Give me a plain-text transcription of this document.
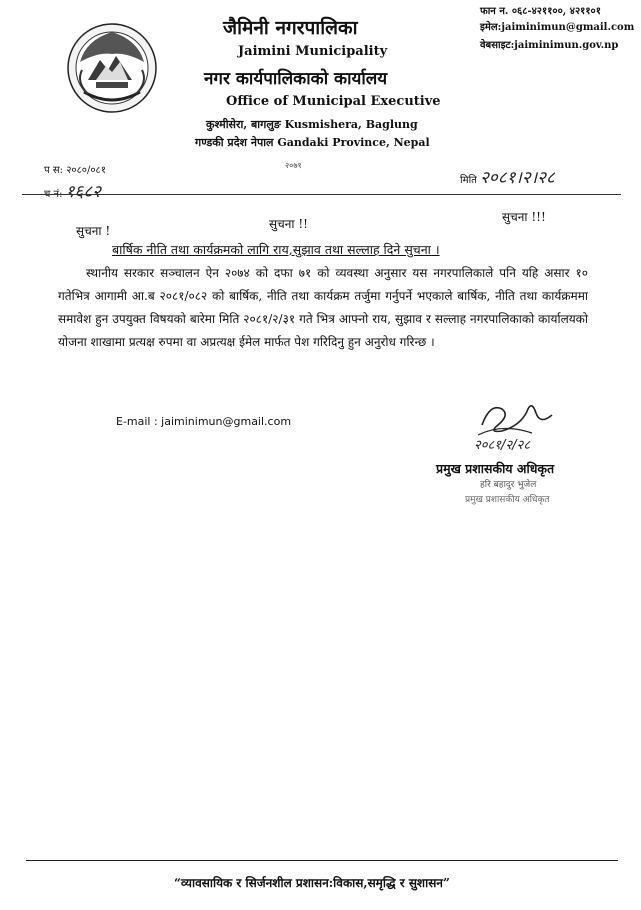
जैमिनी नगरपालिका
Jaimini Municipality
नगर कार्यपालिकाको कार्यालय
Office of Municipal Executive
कुश्मीसेरा, बागलुङ Kusmishera, Baglung
गण्डकी प्रदेश नेपाल Gandaki Province, Nepal
२०७१
फान न. ०६८-४२११००, ४२११०१
इमेल:jaiminimun@gmail.com
वेबसाइट:jaiminimun.gov.np
प स: २०८०/०८१
च नं: १६८२
मिति २०८१।२।२८
सुचना !	सुचना !!	सुचना !!!
बार्षिक नीति तथा कार्यक्रमको लागि राय,सुझाव तथा सल्लाह दिने सुचना ।
स्थानीय सरकार सञ्चालन ऐन २०७४ को दफा ७१ को व्यवस्था अनुसार यस नगरपालिकाले पनि यहि असार १० गतेभित्र आगामी आ.ब २०८१/०८२ को बार्षिक, नीति तथा कार्यक्रम तर्जुमा गर्नुपर्ने भएकाले बार्षिक, नीति तथा कार्यक्रममा समावेश हुन उपयुक्त विषयको बारेमा मिति २०८१/२/३१ गते भित्र आफ्नो राय, सुझाव र सल्लाह नगरपालिकाको कार्यालयको योजना शाखामा प्रत्यक्ष रुपमा वा अप्रत्यक्ष ईमेल मार्फत पेश गरिदिनु हुन अनुरोध गरिन्छ ।
E-mail : jaiminimun@gmail.com
२०८१/२/२८
प्रमुख प्रशासकीय अधिकृत
हरि बहादुर भुजेल
प्रमुख प्रशासकीय अधिकृत
“व्यावसायिक र सिर्जनशील प्रशासन:विकास,समृद्धि र सुशासन”
